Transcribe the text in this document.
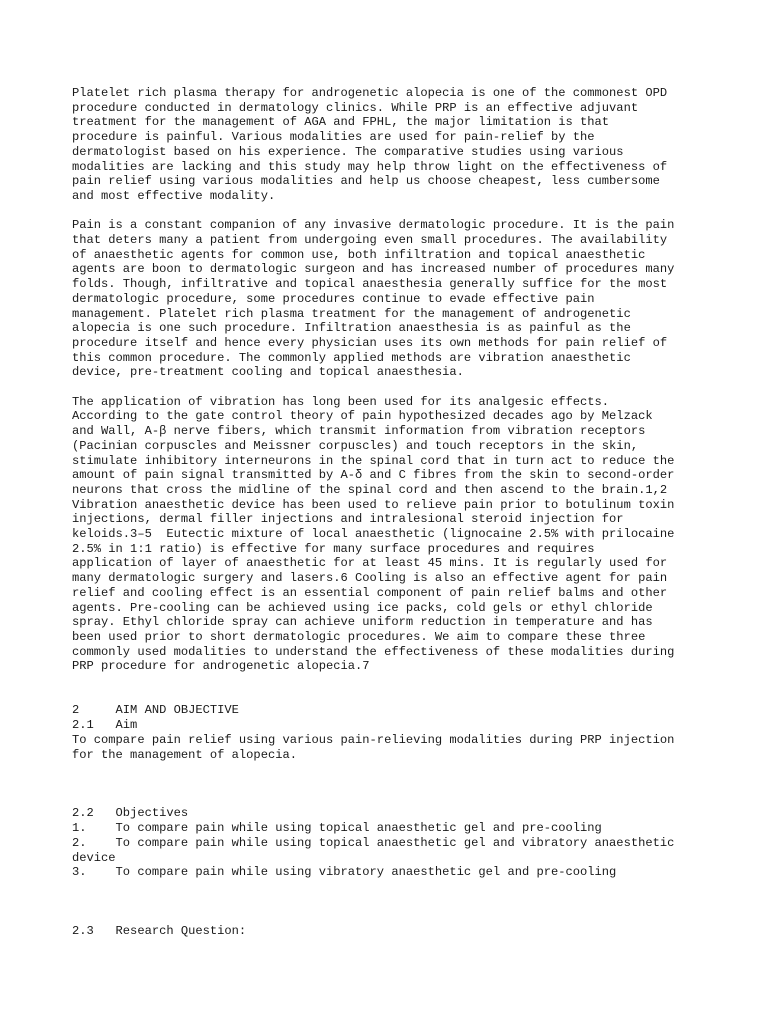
Platelet rich plasma therapy for androgenetic alopecia is one of the commonest OPD
procedure conducted in dermatology clinics. While PRP is an effective adjuvant
treatment for the management of AGA and FPHL, the major limitation is that
procedure is painful. Various modalities are used for pain-relief by the
dermatologist based on his experience. The comparative studies using various
modalities are lacking and this study may help throw light on the effectiveness of
pain relief using various modalities and help us choose cheapest, less cumbersome
and most effective modality.

Pain is a constant companion of any invasive dermatologic procedure. It is the pain
that deters many a patient from undergoing even small procedures. The availability
of anaesthetic agents for common use, both infiltration and topical anaesthetic
agents are boon to dermatologic surgeon and has increased number of procedures many
folds. Though, infiltrative and topical anaesthesia generally suffice for the most
dermatologic procedure, some procedures continue to evade effective pain
management. Platelet rich plasma treatment for the management of androgenetic
alopecia is one such procedure. Infiltration anaesthesia is as painful as the
procedure itself and hence every physician uses its own methods for pain relief of
this common procedure. The commonly applied methods are vibration anaesthetic
device, pre-treatment cooling and topical anaesthesia.

The application of vibration has long been used for its analgesic effects.
According to the gate control theory of pain hypothesized decades ago by Melzack
and Wall, A-β nerve fibers, which transmit information from vibration receptors
(Pacinian corpuscles and Meissner corpuscles) and touch receptors in the skin,
stimulate inhibitory interneurons in the spinal cord that in turn act to reduce the
amount of pain signal transmitted by A-δ and C fibres from the skin to second-order
neurons that cross the midline of the spinal cord and then ascend to the brain.1,2
Vibration anaesthetic device has been used to relieve pain prior to botulinum toxin
injections, dermal filler injections and intralesional steroid injection for
keloids.3–5  Eutectic mixture of local anaesthetic (lignocaine 2.5% with prilocaine
2.5% in 1:1 ratio) is effective for many surface procedures and requires
application of layer of anaesthetic for at least 45 mins. It is regularly used for
many dermatologic surgery and lasers.6 Cooling is also an effective agent for pain
relief and cooling effect is an essential component of pain relief balms and other
agents. Pre-cooling can be achieved using ice packs, cold gels or ethyl chloride
spray. Ethyl chloride spray can achieve uniform reduction in temperature and has
been used prior to short dermatologic procedures. We aim to compare these three
commonly used modalities to understand the effectiveness of these modalities during
PRP procedure for androgenetic alopecia.7

2     AIM AND OBJECTIVE

2.1   Aim

To compare pain relief using various pain-relieving modalities during PRP injection
for the management of alopecia.

2.2   Objectives

1.    To compare pain while using topical anaesthetic gel and pre-cooling

2.    To compare pain while using topical anaesthetic gel and vibratory anaesthetic
device

3.    To compare pain while using vibratory anaesthetic gel and pre-cooling

2.3   Research Question:
